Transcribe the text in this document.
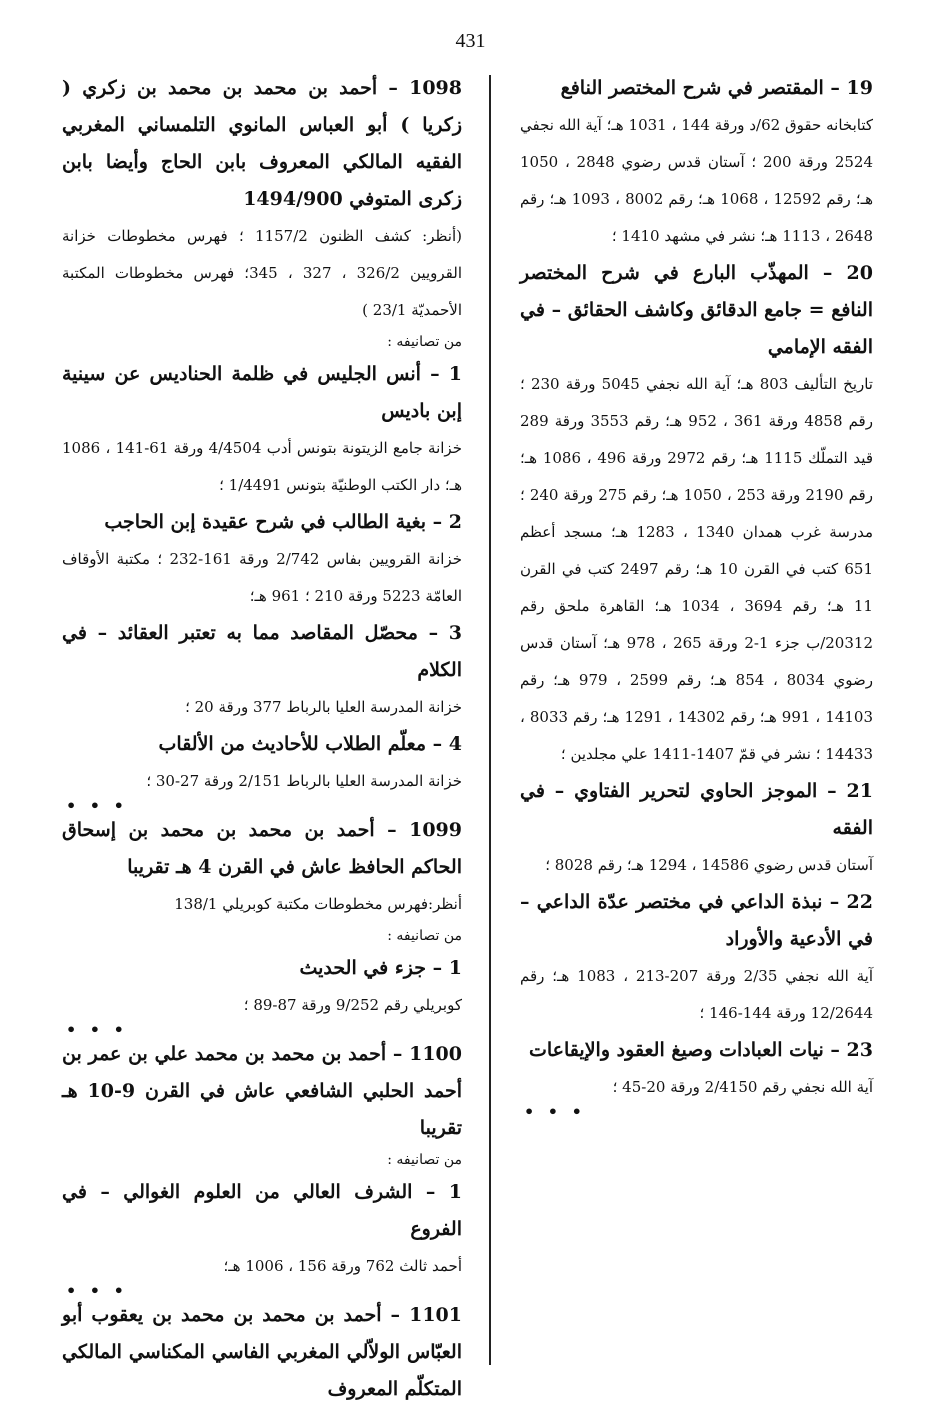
431

19 – المقتصر في شرح المختصر النافع

كتابخانه حقوق 62/د ورقة 144 ، 1031 هـ؛ آية الله نجفي 2524 ورقة 200 ؛ آستان قدس رضوي 2848 ، 1050 هـ؛ رقم 12592 ، 1068 هـ؛ رقم 8002 ، 1093 هـ؛ رقم 2648 ، 1113 هـ؛ نشر في مشهد 1410 ؛

20 – المهذّب البارع في شرح المختصر النافع = جامع الدقائق وكاشف الحقائق – في الفقه الإمامي

تاريخ التأليف 803 هـ؛ آية الله نجفي 5045 ورقة 230 ؛ رقم 4858 ورقة 361 ، 952 هـ؛ رقم 3553 ورقة 289 قيد التملّك 1115 هـ؛ رقم 2972 ورقة 496 ، 1086 هـ؛ رقم 2190 ورقة 253 ، 1050 هـ؛ رقم 275 ورقة 240 ؛ مدرسة غرب همدان 1340 ، 1283 هـ؛ مسجد أعظم 651 كتب في القرن 10 هـ؛ رقم 2497 كتب في القرن 11 هـ؛ رقم 3694 ، 1034 هـ؛ القاهرة ملحق رقم 20312/ب جزء 1-2 ورقة 265 ، 978 هـ؛ آستان قدس رضوي 8034 ، 854 هـ؛ رقم 2599 ، 979 هـ؛ رقم 14103 ، 991 هـ؛ رقم 14302 ، 1291 هـ؛ رقم 8033 ، 14433 ؛ نشر في قمّ 1407-1411 علي مجلدين ؛

21 – الموجز الحاوي لتحرير الفتاوي – في الفقه

آستان قدس رضوي 14586 ، 1294 هـ؛ رقم 8028 ؛

22 – نبذة الداعي في مختصر عدّة الداعي – في الأدعية والأوراد

آية الله نجفي 2/35 ورقة 207-213 ، 1083 هـ؛ رقم 12/2644 ورقة 144-146 ؛

23 – نيات العبادات وصيغ العقود والإيقاعات

آية الله نجفي رقم 2/4150 ورقة 20-45 ؛

• • •

1098 – أحمد بن محمد بن محمد بن زكري ( زكريا ) أبو العباس المانوي التلمساني المغربي الفقيه المالكي المعروف بابن الحاج وأيضا بابن زكرى المتوفي 1494/900

(أنظر: كشف الظنون 1157/2 ؛ فهرس مخطوطات خزانة القرويين 326/2 ، 327 ، 345؛ فهرس مخطوطات المكتبة الأحمديّة 23/1 )

من تصانيفه :

1 – أنس الجليس في ظلمة الحناديس عن سينية إبن باديس

خزانة جامع الزيتونة بتونس أدب 4/4504 ورقة 61-141 ، 1086 هـ؛ دار الكتب الوطنيّة بتونس 1/4491 ؛

2 – بغية الطالب في شرح عقيدة إبن الحاجب

خزانة القرويين بفاس 2/742 ورقة 161-232 ؛ مكتبة الأوقاف العامّة 5223 ورقة 210 ؛ 961 هـ؛

3 – محصّل المقاصد مما به تعتبر العقائد – في الكلام

خزانة المدرسة العليا بالرباط 377 ورقة 20 ؛

4 – معلّم الطلاب للأحاديث من الألقاب

خزانة المدرسة العليا بالرباط 2/151 ورقة 27-30 ؛

• • •

1099 – أحمد بن محمد بن محمد بن إسحاق الحاكم الحافظ عاش في القرن 4 هـ تقريبا

أنظر:فهرس مخطوطات مكتبة كوبريلي 138/1

من تصانيفه :

1 – جزء في الحديث

كوبريلي رقم 9/252 ورقة 87-89 ؛

• • •

1100 – أحمد بن محمد بن محمد علي بن عمر بن أحمد الحلبي الشافعي عاش في القرن 9-10 هـ تقريبا

من تصانيفه :

1 – الشرف العالي من العلوم الغوالي – في الفروع

أحمد ثالث 762 ورقة 156 ، 1006 هـ؛

• • •

1101 – أحمد بن محمد بن محمد بن يعقوب أبو العبّاس الولاّلي المغربي الفاسي المكناسي المالكي المتكلّم المعروف
